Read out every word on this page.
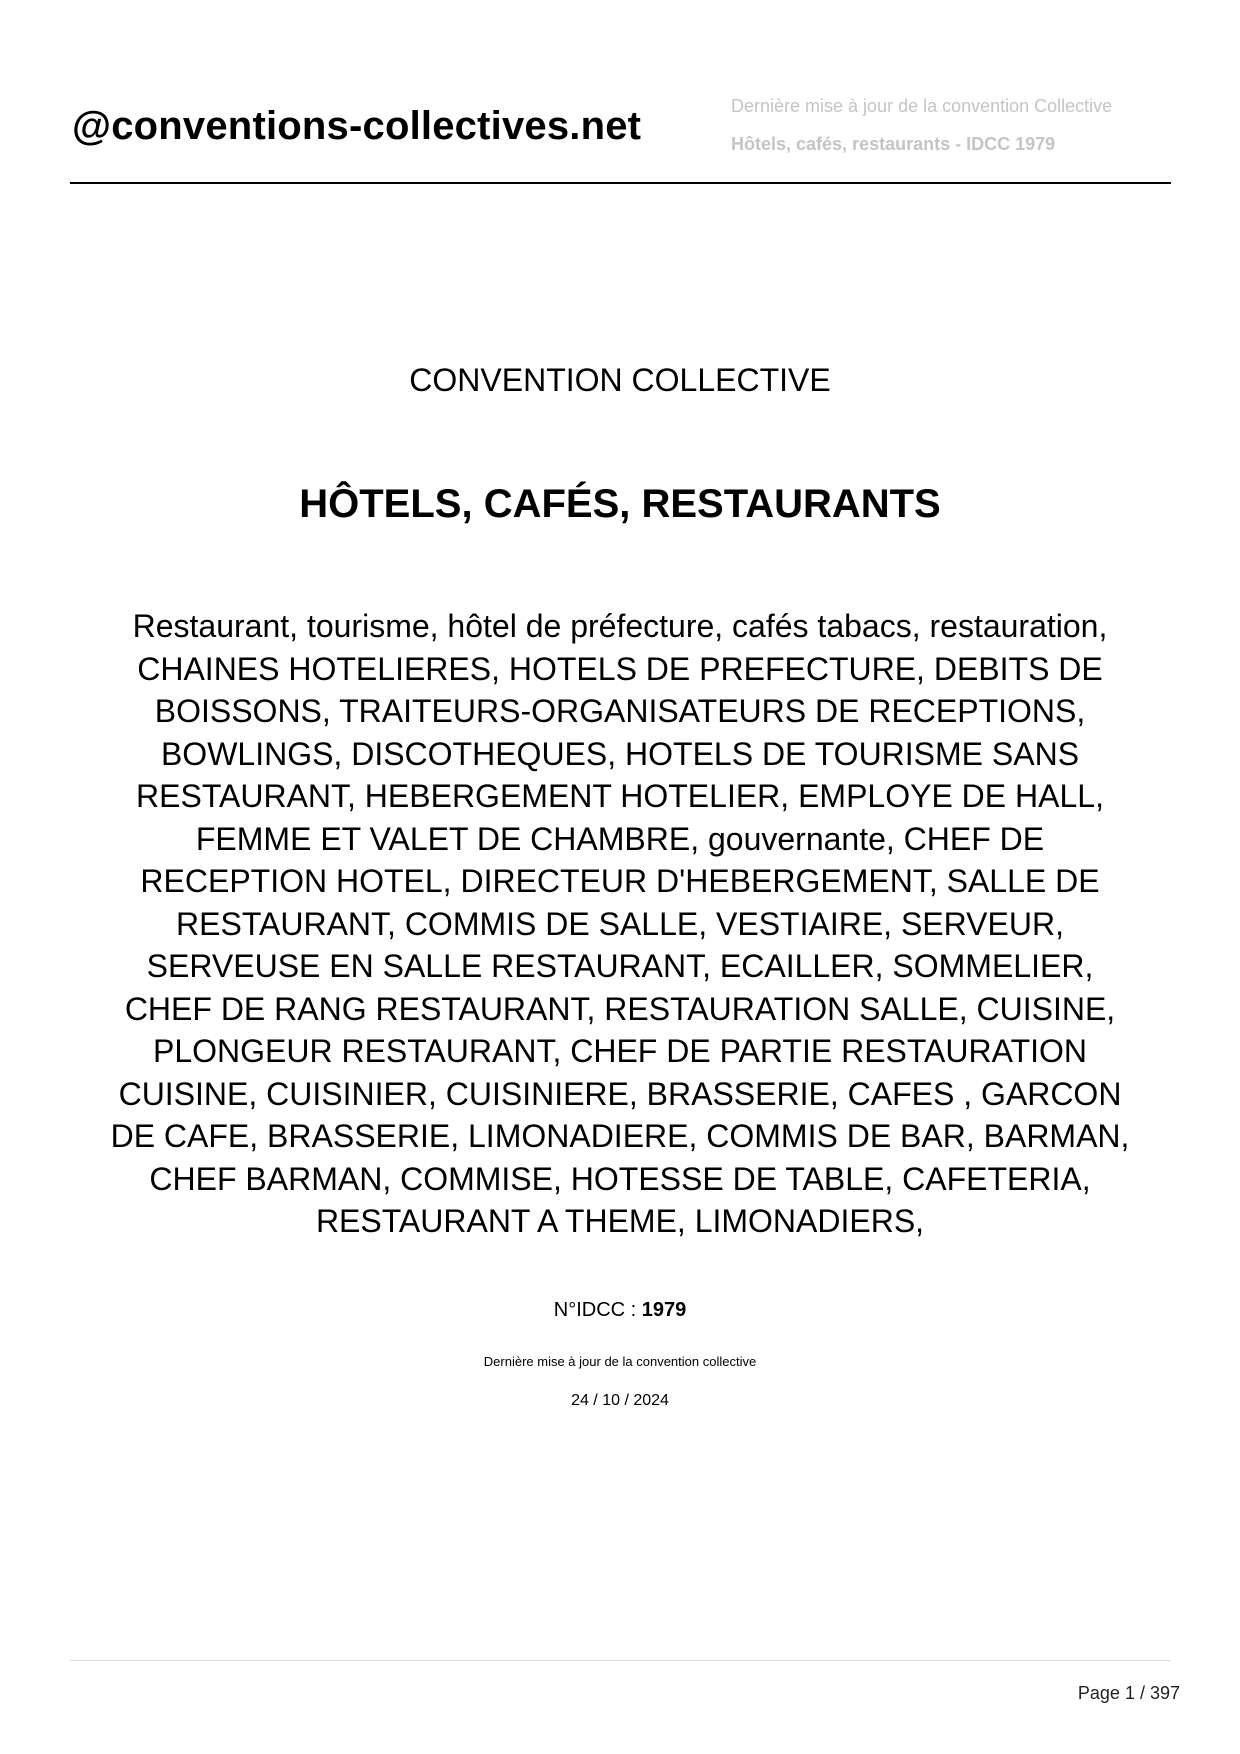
@conventions-collectives.net	Dernière mise à jour de la convention Collective
Hôtels, cafés, restaurants - IDCC 1979
CONVENTION COLLECTIVE
HÔTELS, CAFÉS, RESTAURANTS
Restaurant, tourisme, hôtel de préfecture, cafés tabacs, restauration,
CHAINES HOTELIERES, HOTELS DE PREFECTURE, DEBITS DE
BOISSONS, TRAITEURS-ORGANISATEURS DE RECEPTIONS,
BOWLINGS, DISCOTHEQUES, HOTELS DE TOURISME SANS
RESTAURANT, HEBERGEMENT HOTELIER, EMPLOYE DE HALL,
FEMME ET VALET DE CHAMBRE, gouvernante, CHEF DE
RECEPTION HOTEL, DIRECTEUR D'HEBERGEMENT, SALLE DE
RESTAURANT, COMMIS DE SALLE, VESTIAIRE, SERVEUR,
SERVEUSE EN SALLE RESTAURANT, ECAILLER, SOMMELIER,
CHEF DE RANG RESTAURANT, RESTAURATION SALLE, CUISINE,
PLONGEUR RESTAURANT, CHEF DE PARTIE RESTAURATION
CUISINE, CUISINIER, CUISINIERE, BRASSERIE, CAFES , GARCON
DE CAFE, BRASSERIE, LIMONADIERE, COMMIS DE BAR, BARMAN,
CHEF BARMAN, COMMISE, HOTESSE DE TABLE, CAFETERIA,
RESTAURANT A THEME, LIMONADIERS,
N°IDCC : 1979
Dernière mise à jour de la convention collective
24 / 10 / 2024
Page 1 / 397
